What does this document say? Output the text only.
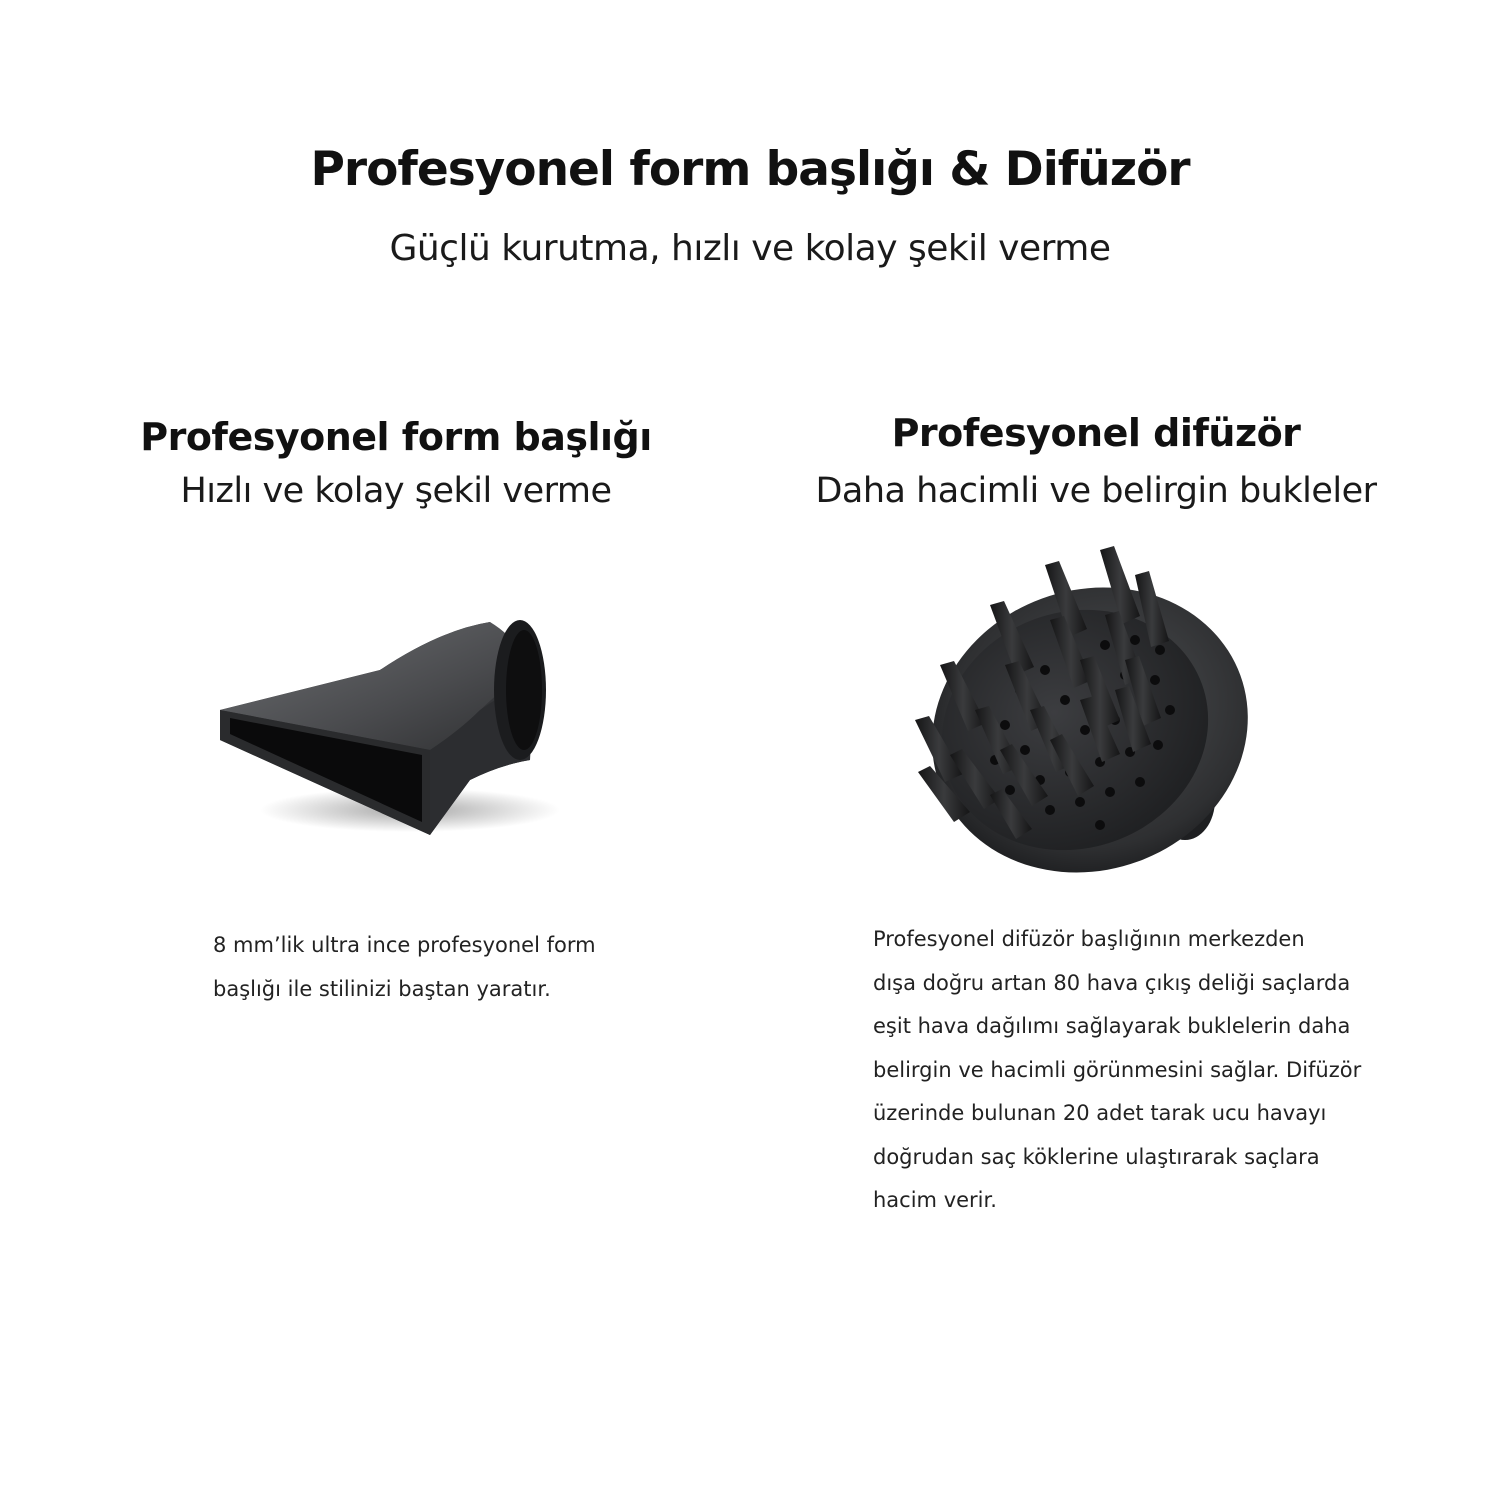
Profesyonel form başlığı & Difüzör
Güçlü kurutma, hızlı ve kolay şekil verme
Profesyonel form başlığı

Hızlı ve kolay şekil verme

8 mm’lik ultra ince profesyonel form
başlığı ile stilinizi baştan yaratır.
Profesyonel difüzör

Daha hacimli ve belirgin bukleler

Profesyonel difüzör başlığının merkezden
dışa doğru artan 80 hava çıkış deliği saçlarda
eşit hava dağılımı sağlayarak buklelerin daha
belirgin ve hacimli görünmesini sağlar. Difüzör
üzerinde bulunan 20 adet tarak ucu havayı
doğrudan saç köklerine ulaştırarak saçlara
hacim verir.
